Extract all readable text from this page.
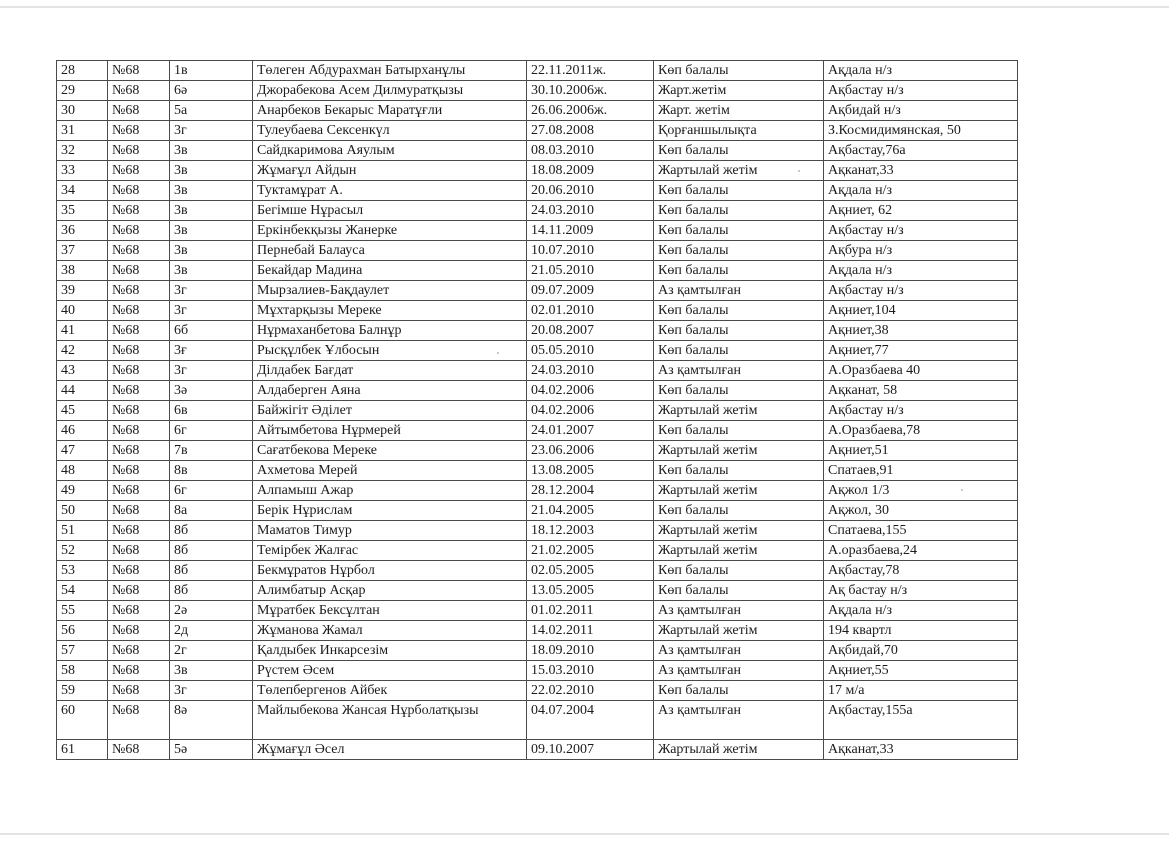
28	№68	1в	Төлеген Абдурахман Батырханұлы	22.11.2011ж.	Көп балалы	Ақдала н/з
29	№68	6ә	Джорабекова Асем Дилмуратқызы	30.10.2006ж.	Жарт.жетім	Ақбастау н/з
30	№68	5а	Анарбеков Бекарыс Маратұғли	26.06.2006ж.	Жарт. жетім	Ақбидай н/з
31	№68	3г	Тулеубаева Сексенкүл	27.08.2008	Қорғаншылықта	З.Космидимянская, 50
32	№68	3в	Сайдкаримова Аяулым	08.03.2010	Көп балалы	Ақбастау,76а
33	№68	3в	Жұмағұл Айдын	18.08.2009	Жартылай жетім	Ақканат,33
34	№68	3в	Туктамұрат А.	20.06.2010	Көп балалы	Ақдала н/з
35	№68	3в	Бегімше Нұрасыл	24.03.2010	Көп балалы	Ақниет, 62
36	№68	3в	Еркінбекқызы Жанерке	14.11.2009	Көп балалы	Ақбастау н/з
37	№68	3в	Пернебай Балауса	10.07.2010	Көп балалы	Ақбура н/з
38	№68	3в	Бекайдар Мадина	21.05.2010	Көп балалы	Ақдала н/з
39	№68	3г	Мырзалиев-Бақдаулет	09.07.2009	Аз қамтылған	Ақбастау н/з
40	№68	3г	Мұхтарқызы Мереке	02.01.2010	Көп балалы	Ақниет,104
41	№68	6б	Нұрмаханбетова Балнұр	20.08.2007	Көп балалы	Ақниет,38
42	№68	3ғ	Рысқұлбек Ұлбосын	05.05.2010	Көп балалы	Ақниет,77
43	№68	3г	Ділдабек Бағдат	24.03.2010	Аз қамтылған	А.Оразбаева 40
44	№68	3ә	Алдаберген Аяна	04.02.2006	Көп балалы	Ақканат, 58
45	№68	6в	Байжігіт Әділет	04.02.2006	Жартылай жетім	Ақбастау н/з
46	№68	6г	Айтымбетова Нұрмерей	24.01.2007	Көп балалы	А.Оразбаева,78
47	№68	7в	Сағатбекова Мереке	23.06.2006	Жартылай жетім	Ақниет,51
48	№68	8в	Ахметова Мерей	13.08.2005	Көп балалы	Спатаев,91
49	№68	6г	Алпамыш Ажар	28.12.2004	Жартылай жетім	Ақжол 1/3
50	№68	8а	Берік Нұрислам	21.04.2005	Көп балалы	Ақжол, 30
51	№68	8б	Маматов Тимур	18.12.2003	Жартылай жетім	Спатаева,155
52	№68	8б	Темірбек Жалғас	21.02.2005	Жартылай жетім	А.оразбаева,24
53	№68	8б	Бекмұратов Нұрбол	02.05.2005	Көп балалы	Ақбастау,78
54	№68	8б	Алимбатыр Асқар	13.05.2005	Көп балалы	Ақ бастау н/з
55	№68	2ә	Мұратбек Бексұлтан	01.02.2011	Аз қамтылған	Ақдала н/з
56	№68	2д	Жұманова Жамал	14.02.2011	Жартылай жетім	194 квартл
57	№68	2г	Қалдыбек Инкарсезім	18.09.2010	Аз қамтылған	Ақбидай,70
58	№68	3в	Рүстем Әсем	15.03.2010	Аз қамтылған	Ақниет,55
59	№68	3г	Төлепбергенов Айбек	22.02.2010	Көп балалы	17 м/а
60	№68	8ә	Майлыбекова Жансая Нұрболатқызы	04.07.2004	Аз қамтылған	Ақбастау,155а
61	№68	5ә	Жұмағұл Әсел	09.10.2007	Жартылай жетім	Ақканат,33
